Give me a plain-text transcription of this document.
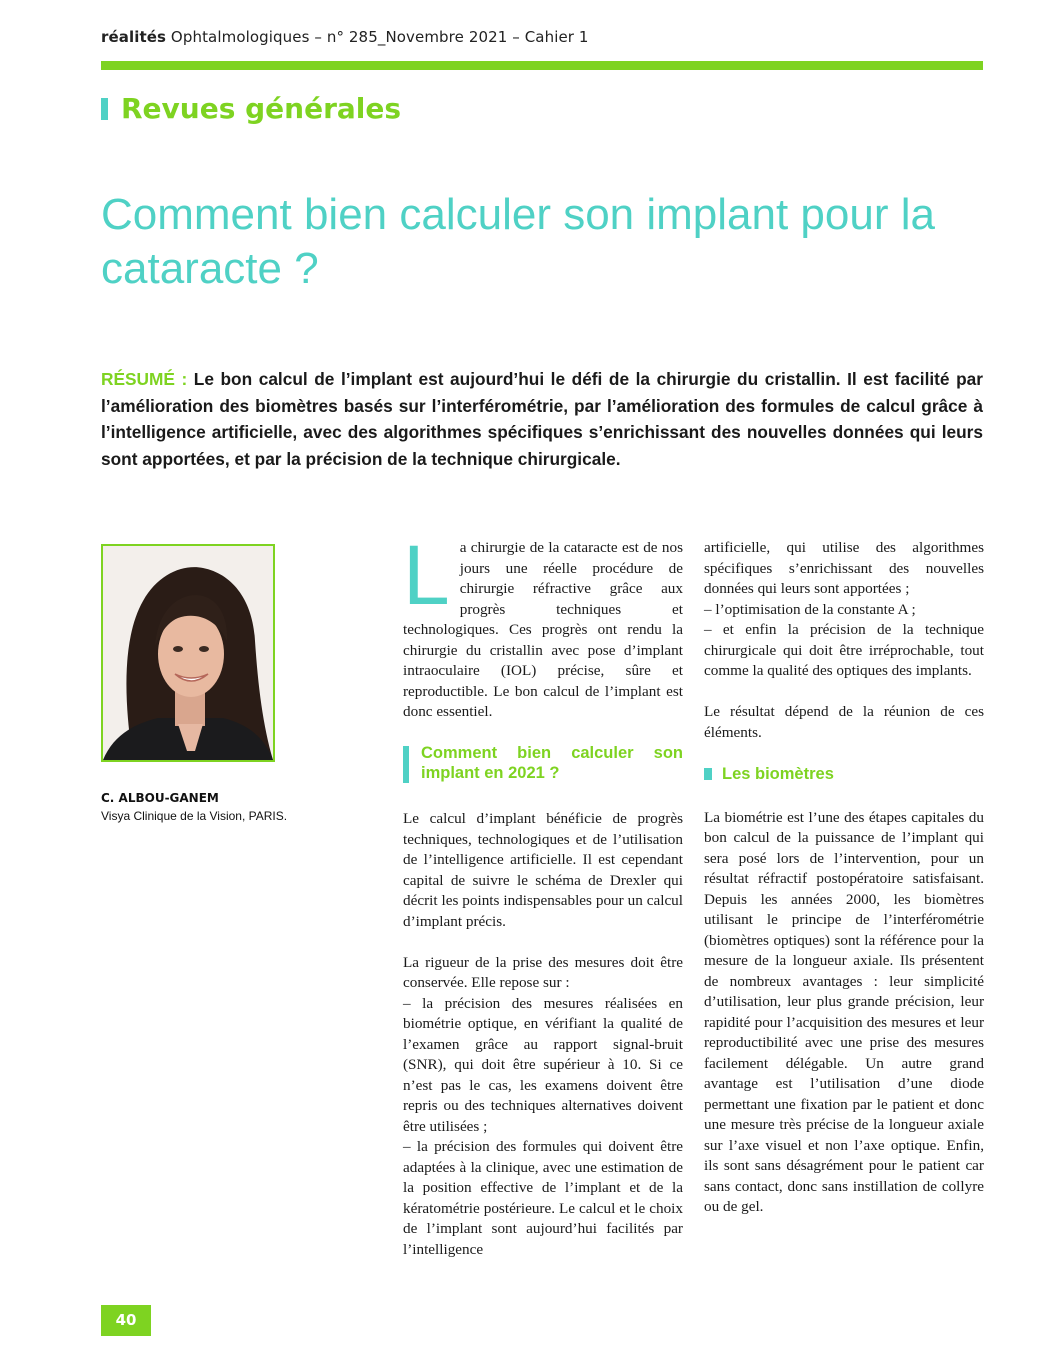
réalités Ophtalmologiques – n° 285_Novembre 2021 – Cahier 1
Revues générales
Comment bien calculer son implant pour la cataracte ?
RÉSUMÉ : Le bon calcul de l’implant est aujourd’hui le défi de la chirurgie du cristallin. Il est facilité par l’amélioration des biomètres basés sur l’interférométrie, par l’amélioration des formules de calcul grâce à l’intelligence artificielle, avec des algorithmes spécifiques s’enrichissant des nouvelles données qui leurs sont apportées, et par la précision de la technique chirurgicale.
C. ALBOU-GANEM
Visya Clinique de la Vision, PARIS.

La chirurgie de la cataracte est de nos jours une réelle procédure de chirurgie réfractive grâce aux progrès techniques et technologiques. Ces progrès ont rendu la chirurgie du cristallin avec pose d’implant intraoculaire (IOL) précise, sûre et reproductible. Le bon calcul de l’implant est donc essentiel.

Comment bien calculer son implant en 2021 ?

Le calcul d’implant bénéficie de progrès techniques, technologiques et de l’utilisation de l’intelligence artificielle. Il est cependant capital de suivre le schéma de Drexler qui décrit les points indispensables pour un calcul d’implant précis.

La rigueur de la prise des mesures doit être conservée. Elle repose sur :
– la précision des mesures réalisées en biométrie optique, en vérifiant la qualité de l’examen grâce au rapport signal-bruit (SNR), qui doit être supérieur à 10. Si ce n’est pas le cas, les examens doivent être repris ou des techniques alternatives doivent être utilisées ;
– la précision des formules qui doivent être adaptées à la clinique, avec une estimation de la position effective de l’implant et de la kératométrie postérieure. Le calcul et le choix de l’implant sont aujourd’hui facilités par l’intelligence

artificielle, qui utilise des algorithmes spécifiques s’enrichissant des nouvelles données qui leurs sont apportées ;
– l’optimisation de la constante A ;
– et enfin la précision de la technique chirurgicale qui doit être irréprochable, tout comme la qualité des optiques des implants.

Le résultat dépend de la réunion de ces éléments.

Les biomètres

La biométrie est l’une des étapes capitales du bon calcul de la puissance de l’implant qui sera posé lors de l’intervention, pour un résultat réfractif postopératoire satisfaisant. Depuis les années 2000, les biomètres utilisant le principe de l’interférométrie (biomètres optiques) sont la référence pour la mesure de la longueur axiale. Ils présentent de nombreux avantages : leur simplicité d’utilisation, leur plus grande précision, leur rapidité pour l’acquisition des mesures et leur reproductibilité avec une prise des mesures facilement délégable. Un autre grand avantage est l’utilisation d’une diode permettant une fixation par le patient et donc une mesure très précise de la longueur axiale sur l’axe visuel et non l’axe optique. Enfin, ils sont sans désagrément pour le patient car sans contact, donc sans instillation de collyre ou de gel.

40
